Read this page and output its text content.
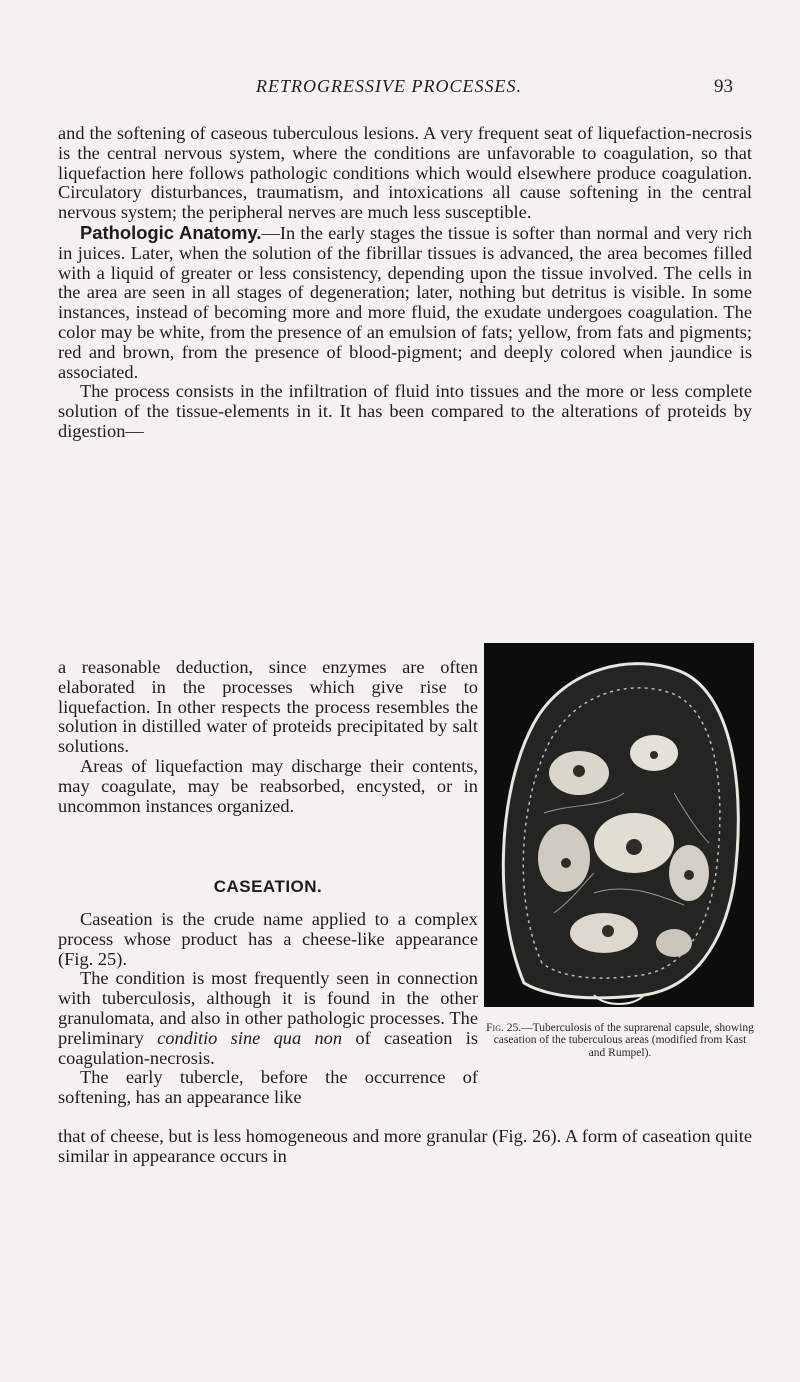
RETROGRESSIVE PROCESSES.	93

and the softening of caseous tuberculous lesions. A very frequent seat of liquefaction-necrosis is the central nervous system, where the conditions are unfavorable to coagulation, so that liquefaction here follows pathologic conditions which would elsewhere produce coagulation. Circulatory disturbances, traumatism, and intoxications all cause softening in the central nervous system; the peripheral nerves are much less susceptible.

Pathologic Anatomy.—In the early stages the tissue is softer than normal and very rich in juices. Later, when the solution of the fibrillar tissues is advanced, the area becomes filled with a liquid of greater or less consistency, depending upon the tissue involved. The cells in the area are seen in all stages of degeneration; later, nothing but detritus is visible. In some instances, instead of becoming more and more fluid, the exudate undergoes coagulation. The color may be white, from the presence of an emulsion of fats; yellow, from fats and pigments; red and brown, from the presence of blood-pigment; and deeply colored when jaundice is associated.

The process consists in the infiltration of fluid into tissues and the more or less complete solution of the tissue-elements in it. It has been compared to the alterations of proteids by digestion—

a reasonable deduction, since enzymes are often elaborated in the processes which give rise to liquefaction. In other respects the process resembles the solution in distilled water of proteids precipitated by salt solutions.

Areas of liquefaction may discharge their contents, may coagulate, may be reabsorbed, encysted, or in uncommon instances organized.

CASEATION.

Caseation is the crude name applied to a complex process whose product has a cheese-like appearance (Fig. 25).

The condition is most frequently seen in connection with tuberculosis, although it is found in the other granulomata, and also in other pathologic processes. The preliminary conditio sine qua non of caseation is coagulation-necrosis.

The early tubercle, before the occurrence of softening, has an appearance like

that of cheese, but is less homogeneous and more granular (Fig. 26). A form of caseation quite similar in appearance occurs in

Fig. 25.—Tuberculosis of the suprarenal capsule, showing caseation of the tuberculous areas (modified from Kast and Rumpel).
